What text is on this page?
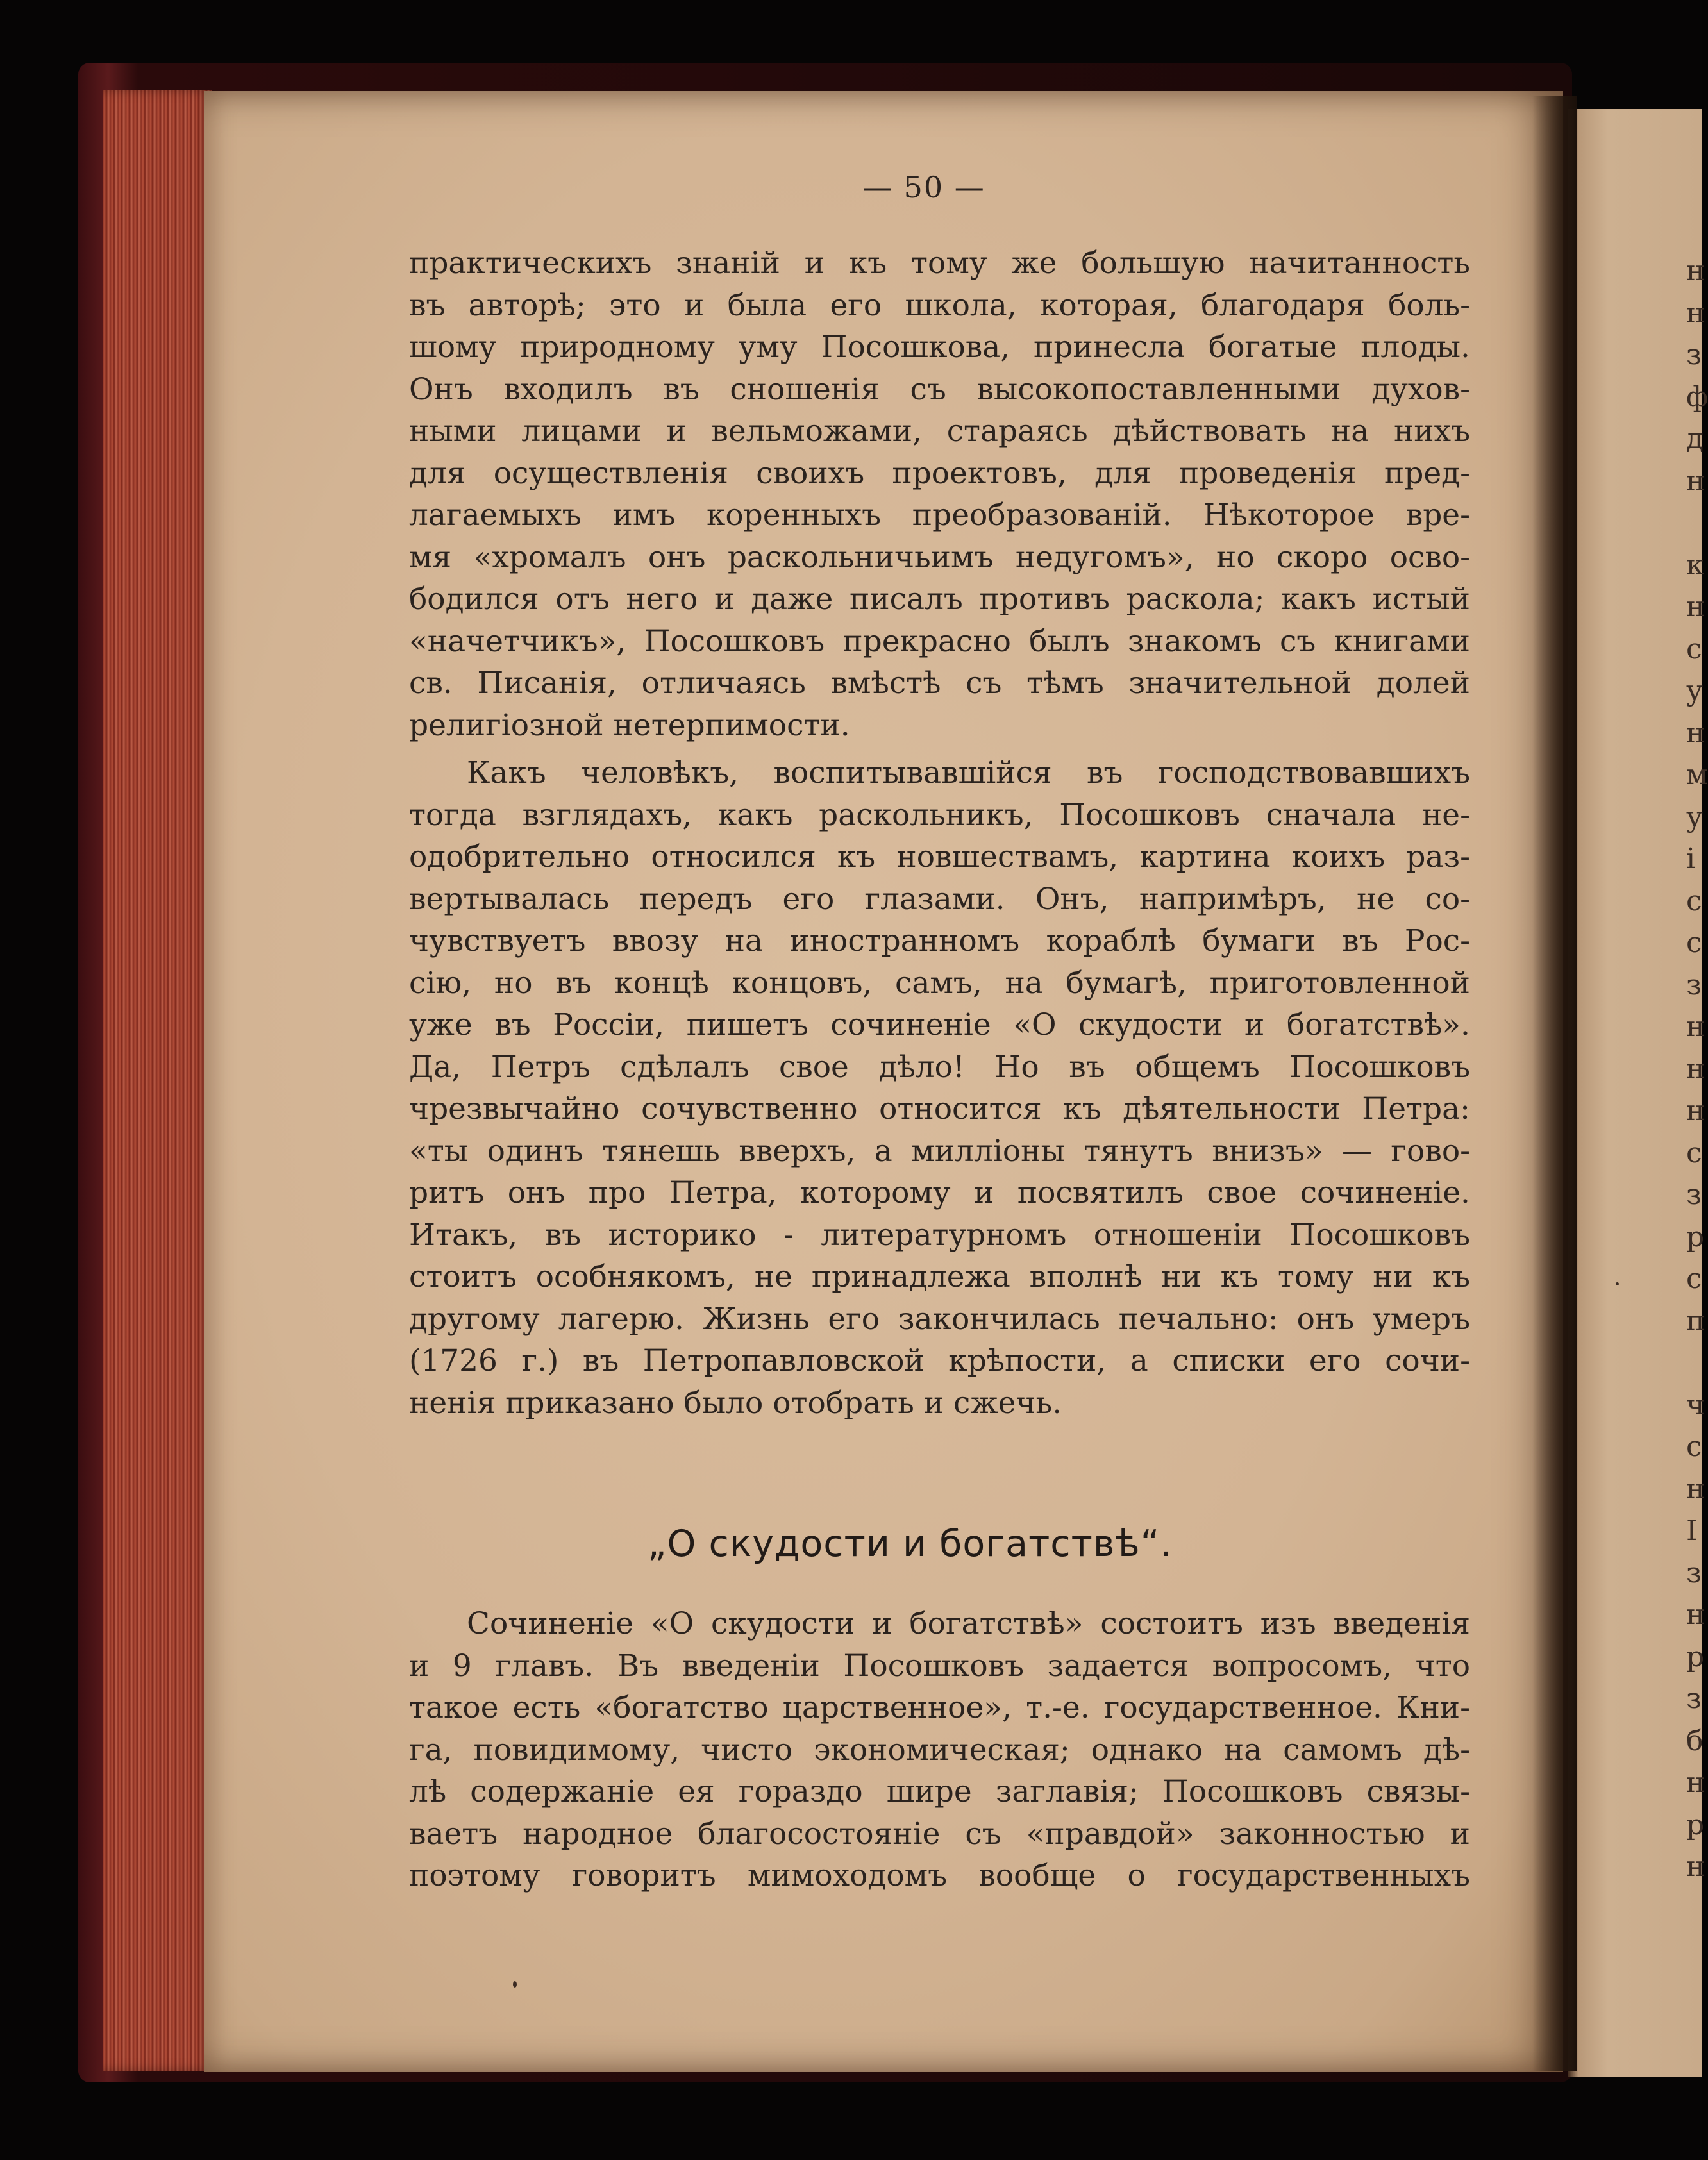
н
н
з
ф
д
н
к
н
с
у
н
м
у
і
с
с
з
н
н
н
с
з
р
с
п
ч
с
н
І
з
н
р
з
б
н
р
н
— 50 —
практическихъ знаній и къ тому же большую начитанность
въ авторѣ; это и была его школа, которая, благодаря боль-
шому природному уму Посошкова, принесла богатые плоды.
Онъ входилъ въ сношенія съ высокопоставленными духов-
ными лицами и вельможами, стараясь дѣйствовать на нихъ
для осуществленія своихъ проектовъ, для проведенія пред-
лагаемыхъ имъ коренныхъ преобразованій. Нѣкоторое вре-
мя «хромалъ онъ раскольничьимъ недугомъ», но скоро осво-
бодился отъ него и даже писалъ противъ раскола; какъ истый
«начетчикъ», Посошковъ прекрасно былъ знакомъ съ книгами
св. Писанія, отличаясь вмѣстѣ съ тѣмъ значительной долей
религіозной нетерпимости.
Какъ человѣкъ, воспитывавшійся въ господствовавшихъ
тогда взглядахъ, какъ раскольникъ, Посошковъ сначала не-
одобрительно относился къ новшествамъ, картина коихъ раз-
вертывалась передъ его глазами. Онъ, напримѣръ, не со-
чувствуетъ ввозу на иностранномъ кораблѣ бумаги въ Рос-
сію, но въ концѣ концовъ, самъ, на бумагѣ, приготовленной
уже въ Россіи, пишетъ сочиненіе «О скудости и богатствѣ».
Да, Петръ сдѣлалъ свое дѣло! Но въ общемъ Посошковъ
чрезвычайно сочувственно относится къ дѣятельности Петра:
«ты одинъ тянешь вверхъ, а милліоны тянутъ внизъ» — гово-
ритъ онъ про Петра, которому и посвятилъ свое сочиненіе.
Итакъ, въ историко - литературномъ отношеніи Посошковъ
стоитъ особнякомъ, не принадлежа вполнѣ ни къ тому ни къ
другому лагерю. Жизнь его закончилась печально: онъ умеръ
(1726 г.) въ Петропавловской крѣпости, а списки его сочи-
ненія приказано было отобрать и сжечь.
„О скудости и богатствѣ“.
Сочиненіе «О скудости и богатствѣ» состоитъ изъ введенія
и 9 главъ. Въ введеніи Посошковъ задается вопросомъ, что
такое есть «богатство царственное», т.-е. государственное. Кни-
га, повидимому, чисто экономическая; однако на самомъ дѣ-
лѣ содержаніе ея гораздо шире заглавія; Посошковъ связы-
ваетъ народное благосостояніе съ «правдой» законностью и
поэтому говоритъ мимоходомъ вообще о государственныхъ
